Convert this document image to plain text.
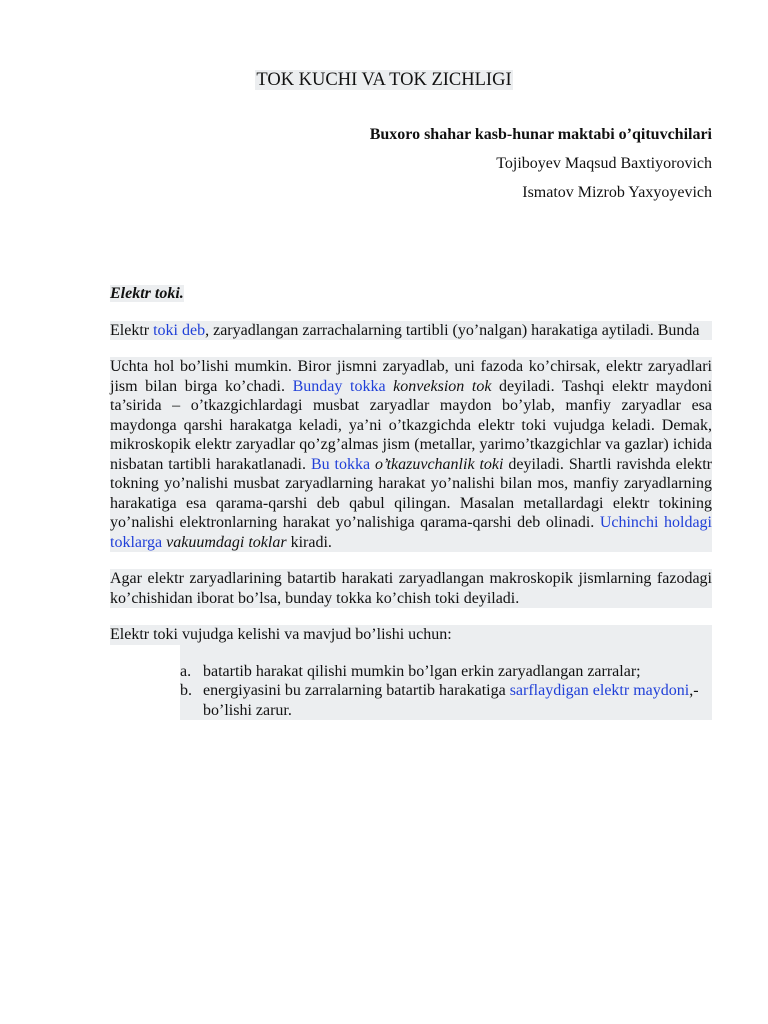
TOK KUCHI VA TOK ZICHLIGI
Buxoro shahar kasb-hunar maktabi o’qituvchilari
Tojiboyev Maqsud Baxtiyorovich
Ismatov Mizrob Yaxyoyevich
Elektr toki.

Elektr toki deb, zaryadlangan zarrachalarning tartibli (yo’nalgan) harakatiga aytiladi. Bunda

Uchta hol bo’lishi mumkin. Biror jismni zaryadlab, uni fazoda ko’chirsak, elektr zaryadlari jism bilan birga ko’chadi. Bunday tokka konveksion tok deyiladi. Tashqi elektr maydoni ta’sirida – o’tkazgichlardagi musbat zaryadlar maydon bo’ylab, manfiy zaryadlar esa maydonga qarshi harakatga keladi, ya’ni o’tkazgichda elektr toki vujudga keladi. Demak, mikroskopik elektr zaryadlar qo’zg’almas jism (metallar, yarimo’tkazgichlar va gazlar) ichida nisbatan tartibli harakatlanadi. Bu tokka o’tkazuvchanlik toki deyiladi. Shartli ravishda elektr tokning yo’nalishi musbat zaryadlarning harakat yo’nalishi bilan mos, manfiy zaryadlarning harakatiga esa qarama-qarshi deb qabul qilingan. Masalan metallardagi elektr tokining yo’nalishi elektronlarning harakat yo’nalishiga qarama-qarshi deb olinadi. Uchinchi holdagi toklarga vakuumdagi toklar kiradi.

Agar elektr zaryadlarining batartib harakati zaryadlangan makroskopik jismlarning fazodagi ko’chishidan iborat bo’lsa, bunday tokka ko’chish toki deyiladi.

Elektr toki vujudga kelishi va mavjud bo’lishi uchun:

a. batartib harakat qilishi mumkin bo’lgan erkin zaryadlangan zarralar;
b. energiyasini bu zarralarning batartib harakatiga sarflaydigan elektr maydoni,- bo’lishi zarur.
